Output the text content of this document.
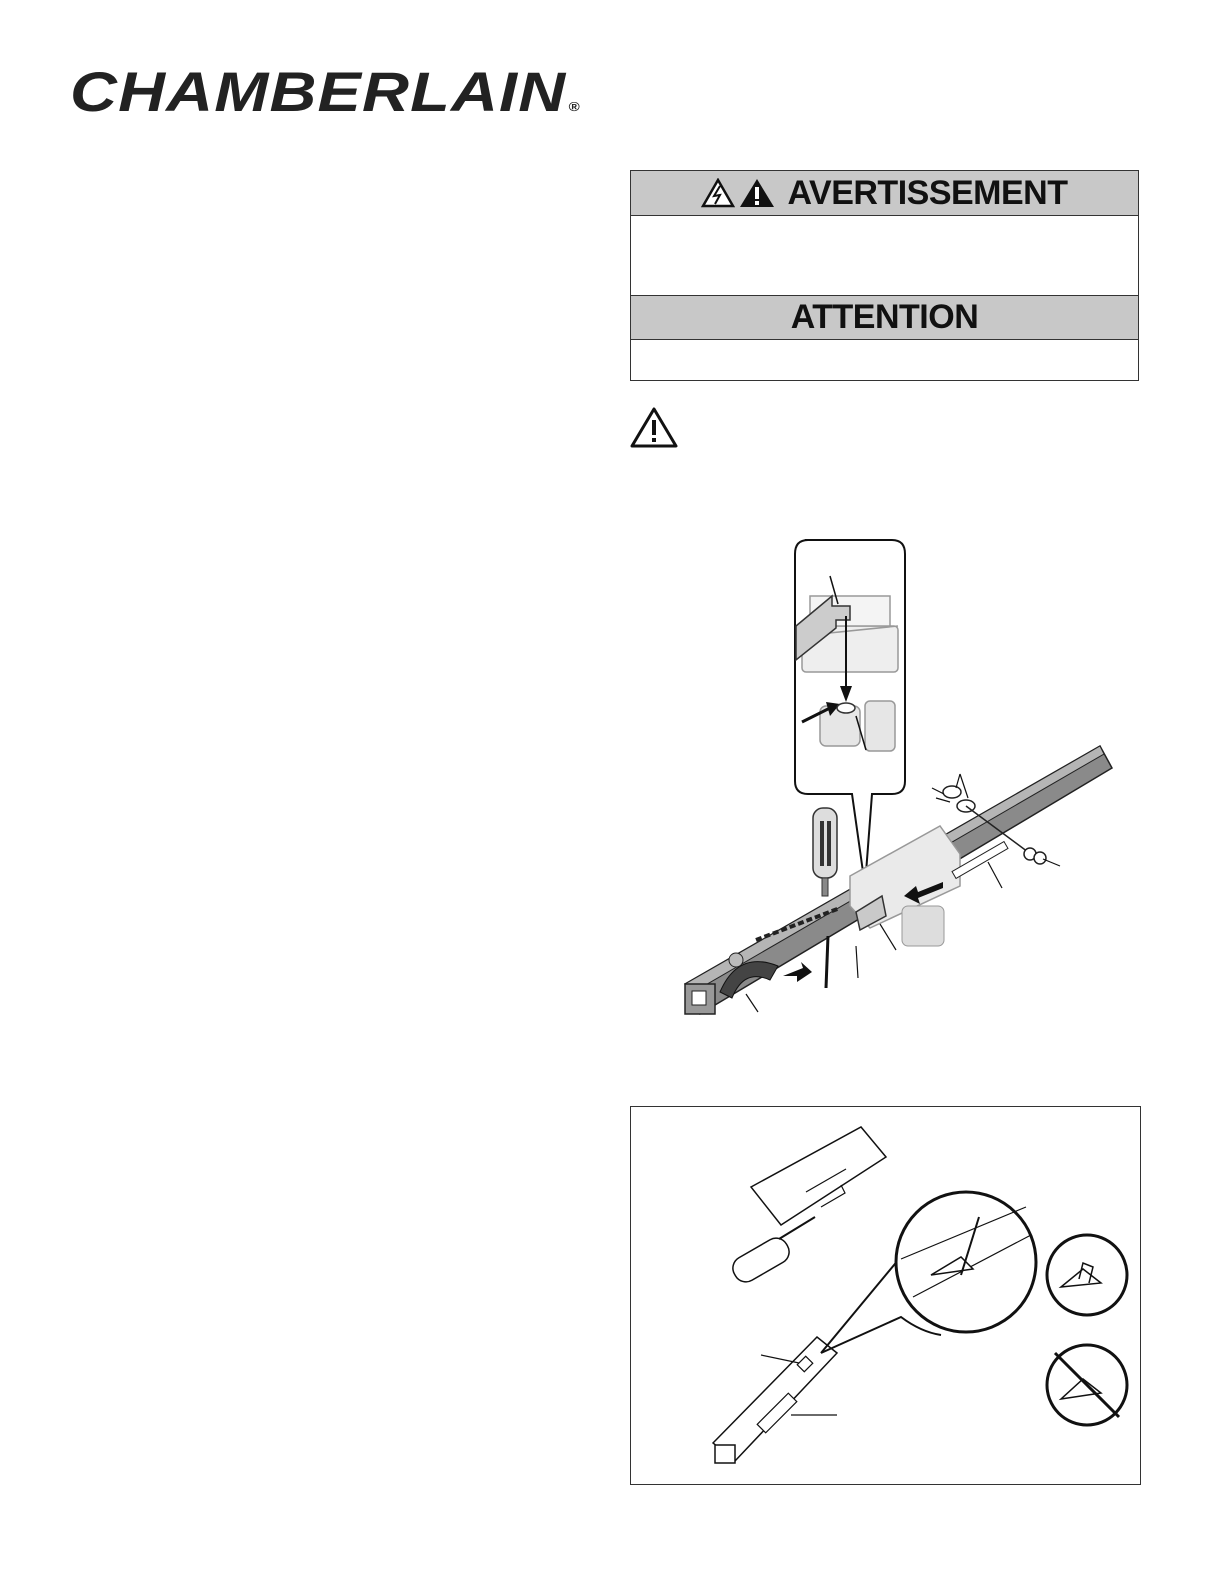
CHAMBERLAIN ®
AVERTISSEMENT
ATTENTION
